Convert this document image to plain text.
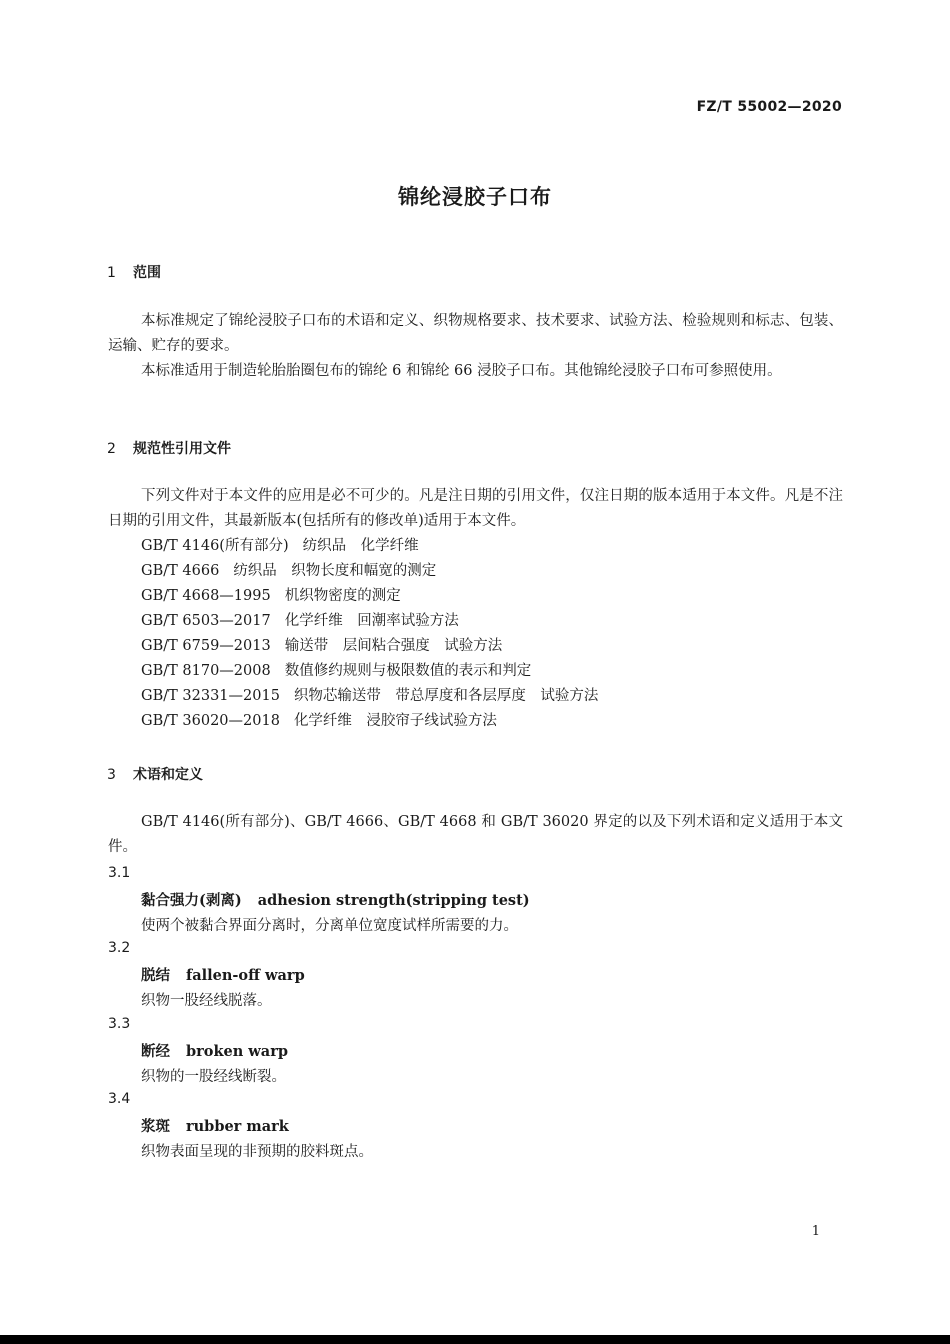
FZ/T 55002—2020
锦纶浸胶子口布
1 范围
本标准规定了锦纶浸胶子口布的术语和定义、织物规格要求、技术要求、试验方法、检验规则和标志、包装、运输、贮存的要求。
本标准适用于制造轮胎胎圈包布的锦纶 6 和锦纶 66 浸胶子口布。其他锦纶浸胶子口布可参照使用。
2 规范性引用文件
下列文件对于本文件的应用是必不可少的。凡是注日期的引用文件，仅注日期的版本适用于本文件。凡是不注日期的引用文件，其最新版本(包括所有的修改单)适用于本文件。
GB/T 4146(所有部分) 纺织品　化学纤维
GB/T 4666 纺织品　织物长度和幅宽的测定
GB/T 4668—1995 机织物密度的测定
GB/T 6503—2017 化学纤维　回潮率试验方法
GB/T 6759—2013 输送带　层间粘合强度　试验方法
GB/T 8170—2008 数值修约规则与极限数值的表示和判定
GB/T 32331—2015 织物芯输送带　带总厚度和各层厚度　试验方法
GB/T 36020—2018 化学纤维　浸胶帘子线试验方法
3 术语和定义
GB/T 4146(所有部分)、GB/T 4666、GB/T 4668 和 GB/T 36020 界定的以及下列术语和定义适用于本文件。
3.1
黏合强力(剥离) adhesion strength(stripping test)
使两个被黏合界面分离时，分离单位宽度试样所需要的力。
3.2
脱结 fallen-off warp
织物一股经线脱落。
3.3
断经 broken warp
织物的一股经线断裂。
3.4
浆斑 rubber mark
织物表面呈现的非预期的胶料斑点。
1
